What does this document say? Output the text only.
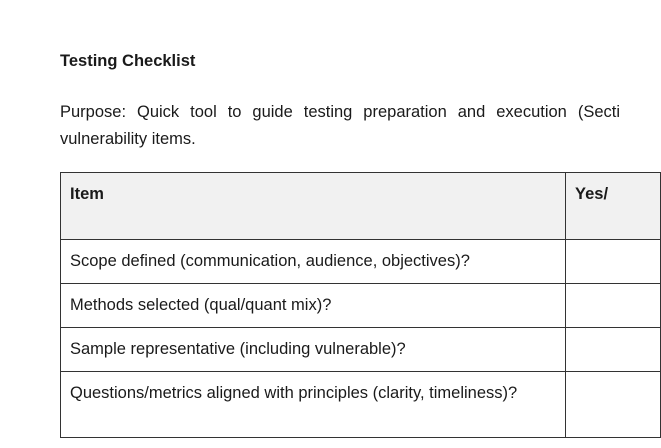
Testing Checklist
Purpose: Quick tool to guide testing preparation and execution (Secti
vulnerability items.
Item	Yes/
Scope defined (communication, audience, objectives)?	
Methods selected (qual/quant mix)?	
Sample representative (including vulnerable)?	
Questions/metrics aligned with principles (clarity, timeliness)?	
